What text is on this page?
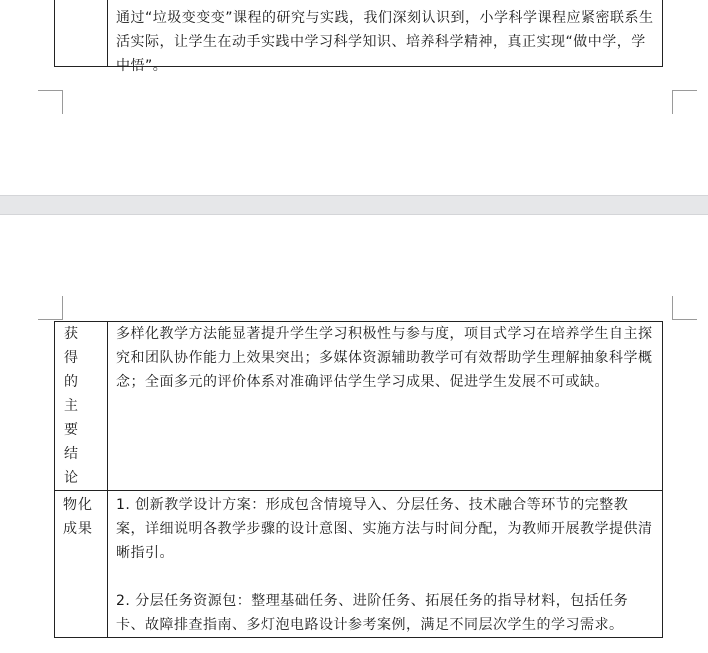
通过“垃圾变变变”课程的研究与实践，我们深刻认识到，小学科学课程应紧密联系生活实际，让学生在动手实践中学习科学知识、培养科学精神，真正实现“做中学，学中悟”。
获得的主要结论	多样化教学方法能显著提升学生学习积极性与参与度，项目式学习在培养学生自主探究和团队协作能力上效果突出；多媒体资源辅助教学可有效帮助学生理解抽象科学概念；全面多元的评价体系对准确评估学生学习成果、促进学生发展不可或缺。

物化成果	1. 创新教学设计方案：形成包含情境导入、分层任务、技术融合等环节的完整教案，详细说明各教学步骤的设计意图、实施方法与时间分配，为教师开展教学提供清晰指引。
2. 分层任务资源包：整理基础任务、进阶任务、拓展任务的指导材料，包括任务卡、故障排查指南、多灯泡电路设计参考案例，满足不同层次学生的学习需求。
